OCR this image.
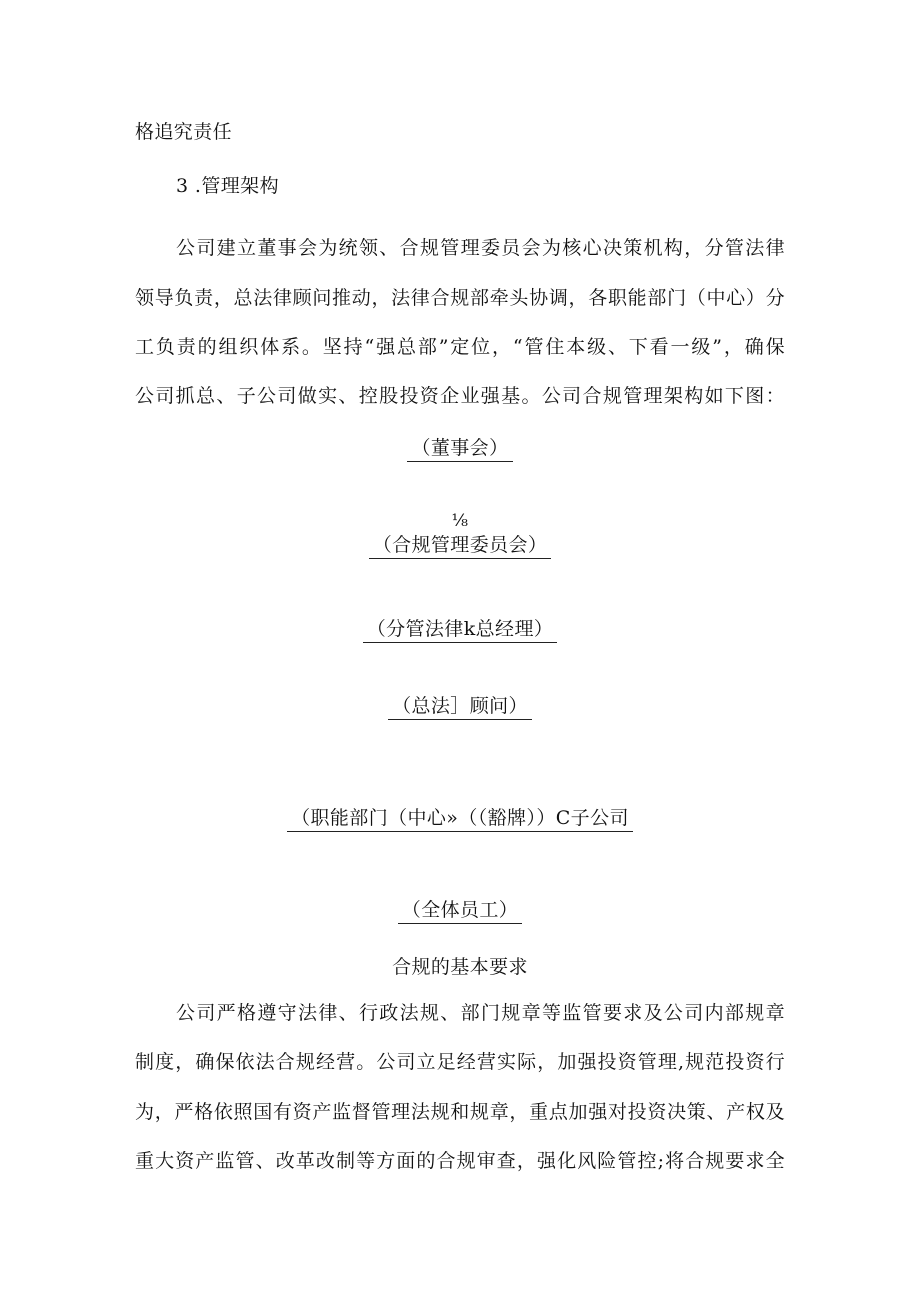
格追究责任
3 .管理架构
公司建立董事会为统领、合规管理委员会为核心决策机构，分管法律
领导负责，总法律顾问推动，法律合规部牵头协调，各职能部门（中心）分
工负责的组织体系。坚持“强总部”定位，“管住本级、下看一级”，确保
公司抓总、子公司做实、控股投资企业强基。公司合规管理架构如下图：
（董事会）
⅛
（合规管理委员会）
（分管法律k总经理）
（总法］顾问）
（职能部门（中心»（（豁牌））C子公司
（全体员工）
合规的基本要求
公司严格遵守法律、行政法规、部门规章等监管要求及公司内部规章
制度，确保依法合规经营。公司立足经营实际，加强投资管理,规范投资行
为，严格依照国有资产监督管理法规和规章，重点加强对投资决策、产权及
重大资产监管、改革改制等方面的合规审查，强化风险管控;将合规要求全
